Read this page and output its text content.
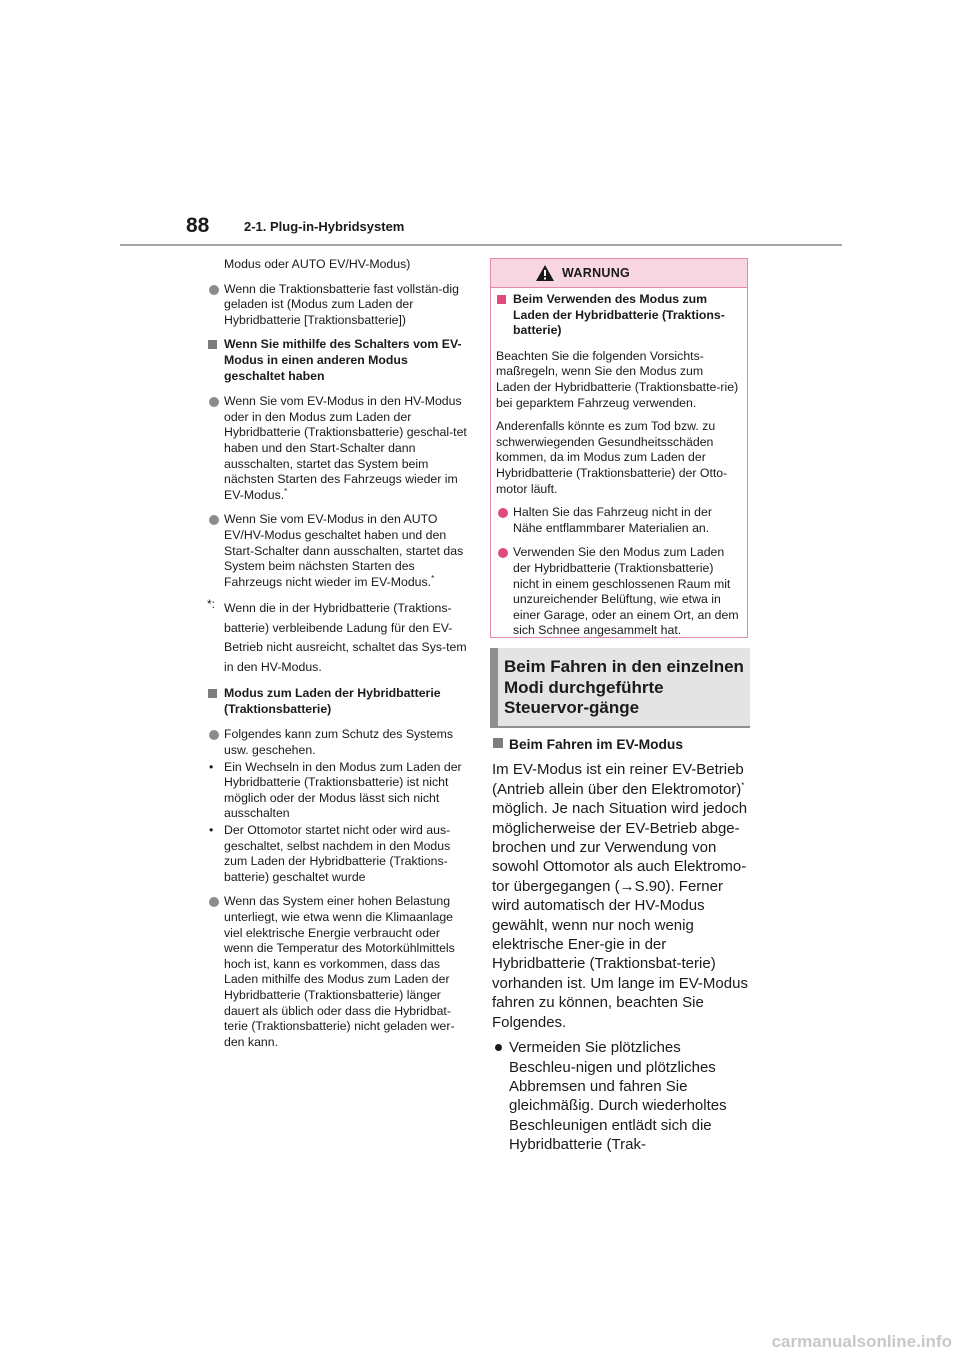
88	2-1. Plug-in-Hybridsystem

Modus oder AUTO EV/HV-Modus)

Wenn die Traktionsbatterie fast vollstän-dig geladen ist (Modus zum Laden der Hybridbatterie [Traktionsbatterie])
Wenn Sie mithilfe des Schalters vom EV-Modus in einen anderen Modus geschaltet haben
Wenn Sie vom EV-Modus in den HV-Modus oder in den Modus zum Laden der Hybridbatterie (Traktionsbatterie) geschal-tet haben und den Start-Schalter dann ausschalten, startet das System beim nächsten Starten des Fahrzeugs wieder im EV-Modus.*
Wenn Sie vom EV-Modus in den AUTO EV/HV-Modus geschaltet haben und den Start-Schalter dann ausschalten, startet das System beim nächsten Starten des Fahrzeugs nicht wieder im EV-Modus.*
*: Wenn die in der Hybridbatterie (Traktions-batterie) verbleibende Ladung für den EV-Betrieb nicht ausreicht, schaltet das Sys-tem in den HV-Modus.
Modus zum Laden der Hybridbatterie (Traktionsbatterie)
Folgendes kann zum Schutz des Systems usw. geschehen.
• Ein Wechseln in den Modus zum Laden der Hybridbatterie (Traktionsbatterie) ist nicht möglich oder der Modus lässt sich nicht ausschalten
• Der Ottomotor startet nicht oder wird aus-geschaltet, selbst nachdem in den Modus zum Laden der Hybridbatterie (Traktions-batterie) geschaltet wurde
Wenn das System einer hohen Belastung unterliegt, wie etwa wenn die Klimaanlage viel elektrische Energie verbraucht oder wenn die Temperatur des Motorkühlmittels hoch ist, kann es vorkommen, dass das Laden mithilfe des Modus zum Laden der Hybridbatterie (Traktionsbatterie) länger dauert als üblich oder dass die Hybridbat-terie (Traktionsbatterie) nicht geladen wer-den kann.
WARNUNG
Beim Verwenden des Modus zum Laden der Hybridbatterie (Traktions-batterie)

Beachten Sie die folgenden Vorsichts-maßregeln, wenn Sie den Modus zum Laden der Hybridbatterie (Traktionsbatte-rie) bei geparktem Fahrzeug verwenden.

Anderenfalls könnte es zum Tod bzw. zu schwerwiegenden Gesundheitsschäden kommen, da im Modus zum Laden der Hybridbatterie (Traktionsbatterie) der Otto-motor läuft.

Halten Sie das Fahrzeug nicht in der Nähe entflammbarer Materialien an.
Verwenden Sie den Modus zum Laden der Hybridbatterie (Traktionsbatterie) nicht in einem geschlossenen Raum mit unzureichender Belüftung, wie etwa in einer Garage, oder an einem Ort, an dem sich Schnee angesammelt hat.
Beim Fahren in den einzelnen Modi durchgeführte Steuervor-gänge
Beim Fahren im EV-Modus

Im EV-Modus ist ein reiner EV-Betrieb (Antrieb allein über den Elektromotor)* möglich. Je nach Situation wird jedoch möglicherweise der EV-Betrieb abge-brochen und zur Verwendung von sowohl Ottomotor als auch Elektromo-tor übergegangen (→S.90). Ferner wird automatisch der HV-Modus gewählt, wenn nur noch wenig elektrische Ener-gie in der Hybridbatterie (Traktionsbat-terie) vorhanden ist. Um lange im EV-Modus fahren zu können, beachten Sie Folgendes.

Vermeiden Sie plötzliches Beschleu-nigen und plötzliches Abbremsen und fahren Sie gleichmäßig. Durch wiederholtes Beschleunigen entlädt sich die Hybridbatterie (Trak-
carmanualsonline.info
